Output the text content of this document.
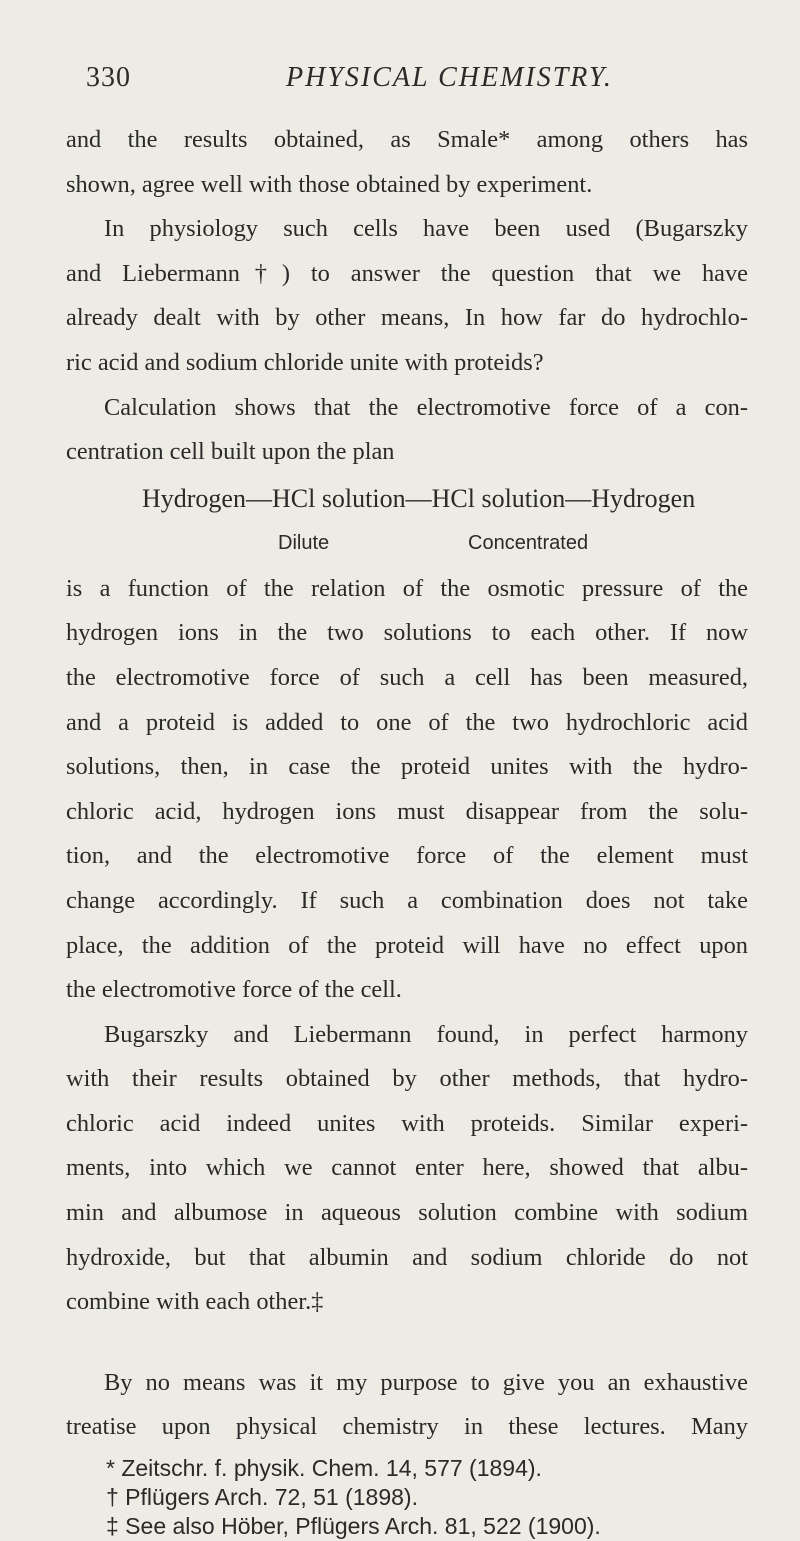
330	PHYSICAL CHEMISTRY.
and the results obtained, as Smale* among others has
shown, agree well with those obtained by experiment.
In physiology such cells have been used (Bugarszky
and Liebermann†) to answer the question that we have
already dealt with by other means, In how far do hydrochlo-
ric acid and sodium chloride unite with proteids?
Calculation shows that the electromotive force of a con-
centration cell built upon the plan
Hydrogen—HCl solution—HCl solution—Hydrogen
Dilute	Concentrated
is a function of the relation of the osmotic pressure of the
hydrogen ions in the two solutions to each other. If now
the electromotive force of such a cell has been measured,
and a proteid is added to one of the two hydrochloric acid
solutions, then, in case the proteid unites with the hydro-
chloric acid, hydrogen ions must disappear from the solu-
tion, and the electromotive force of the element must
change accordingly. If such a combination does not take
place, the addition of the proteid will have no effect upon
the electromotive force of the cell.
Bugarszky and Liebermann found, in perfect harmony
with their results obtained by other methods, that hydro-
chloric acid indeed unites with proteids. Similar experi-
ments, into which we cannot enter here, showed that albu-
min and albumose in aqueous solution combine with sodium
hydroxide, but that albumin and sodium chloride do not
combine with each other.‡
By no means was it my purpose to give you an exhaustive
treatise upon physical chemistry in these lectures. Many
* Zeitschr. f. physik. Chem. 14, 577 (1894).
† Pflügers Arch. 72, 51 (1898).
‡ See also Höber, Pflügers Arch. 81, 522 (1900).
